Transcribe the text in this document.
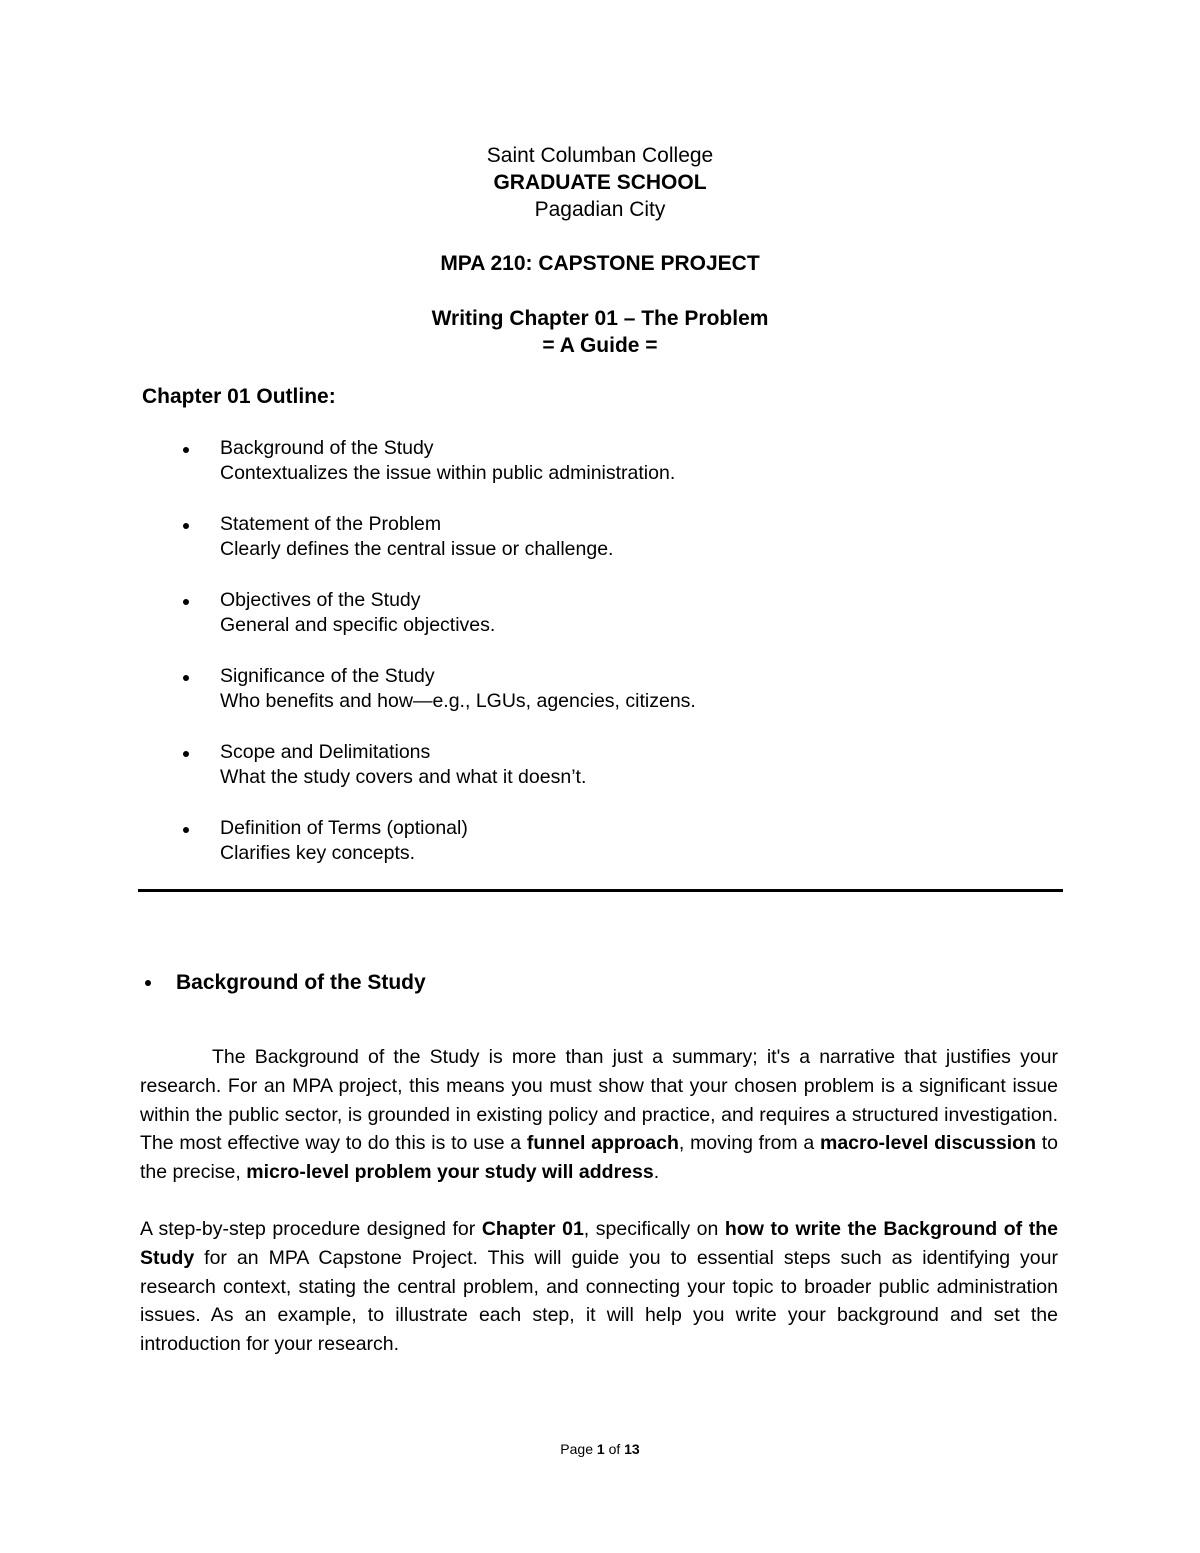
Saint Columban College
GRADUATE SCHOOL
Pagadian City
MPA 210: CAPSTONE PROJECT
Writing Chapter 01 – The Problem
= A Guide =
Chapter 01 Outline:
Background of the Study
Contextualizes the issue within public administration.
Statement of the Problem
Clearly defines the central issue or challenge.
Objectives of the Study
General and specific objectives.
Significance of the Study
Who benefits and how—e.g., LGUs, agencies, citizens.
Scope and Delimitations
What the study covers and what it doesn’t.
Definition of Terms (optional)
Clarifies key concepts.
Background of the Study

The Background of the Study is more than just a summary; it's a narrative that justifies your research. For an MPA project, this means you must show that your chosen problem is a significant issue within the public sector, is grounded in existing policy and practice, and requires a structured investigation. The most effective way to do this is to use a funnel approach, moving from a macro-level discussion to the precise, micro-level problem your study will address.

A step-by-step procedure designed for Chapter 01, specifically on how to write the Background of the Study for an MPA Capstone Project. This will guide you to essential steps such as identifying your research context, stating the central problem, and connecting your topic to broader public administration issues. As an example, to illustrate each step, it will help you write your background and set the introduction for your research.

Page 1 of 13
